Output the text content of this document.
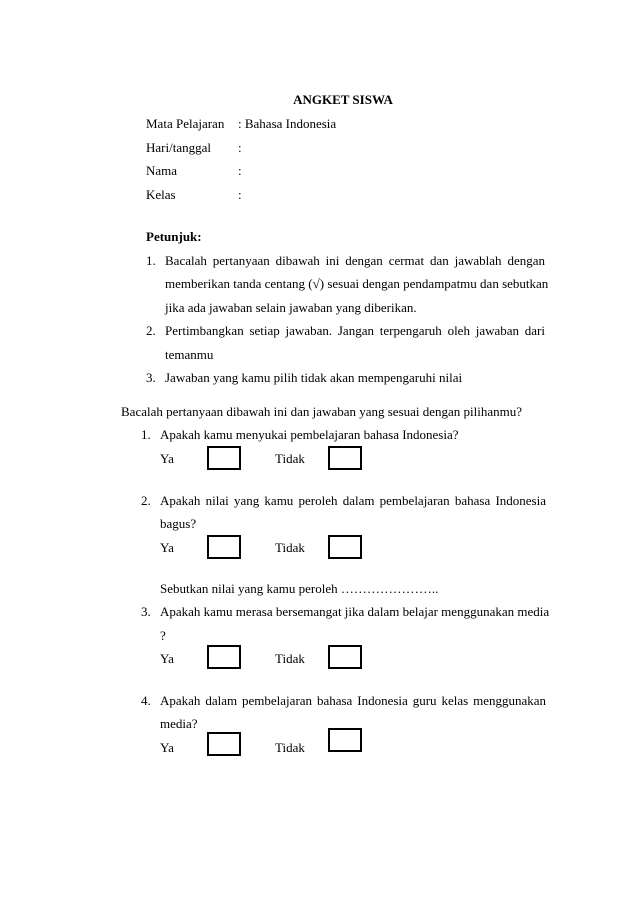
ANGKET SISWA
Mata Pelajaran : Bahasa Indonesia
Hari/tanggal :
Nama	:
Kelas	:
Petunjuk:
1. Bacalah pertanyaan dibawah ini dengan cermat dan jawablah dengan
memberikan tanda centang (√) sesuai dengan pendampatmu dan sebutkan
jika ada jawaban selain jawaban yang diberikan.
2. Pertimbangkan setiap jawaban. Jangan terpengaruh oleh jawaban dari
temanmu
3. Jawaban yang kamu pilih tidak akan mempengaruhi nilai
Bacalah pertanyaan dibawah ini dan jawaban yang sesuai dengan pilihanmu?
1. Apakah kamu menyukai pembelajaran bahasa Indonesia?
Ya	Tidak
2. Apakah nilai yang kamu peroleh dalam pembelajaran bahasa Indonesia
bagus?
Ya	Tidak
Sebutkan nilai yang kamu peroleh …………………..
3. Apakah kamu merasa bersemangat jika dalam belajar menggunakan media
?
Ya	Tidak
4. Apakah dalam pembelajaran bahasa Indonesia guru kelas menggunakan
media?
Ya	Tidak
